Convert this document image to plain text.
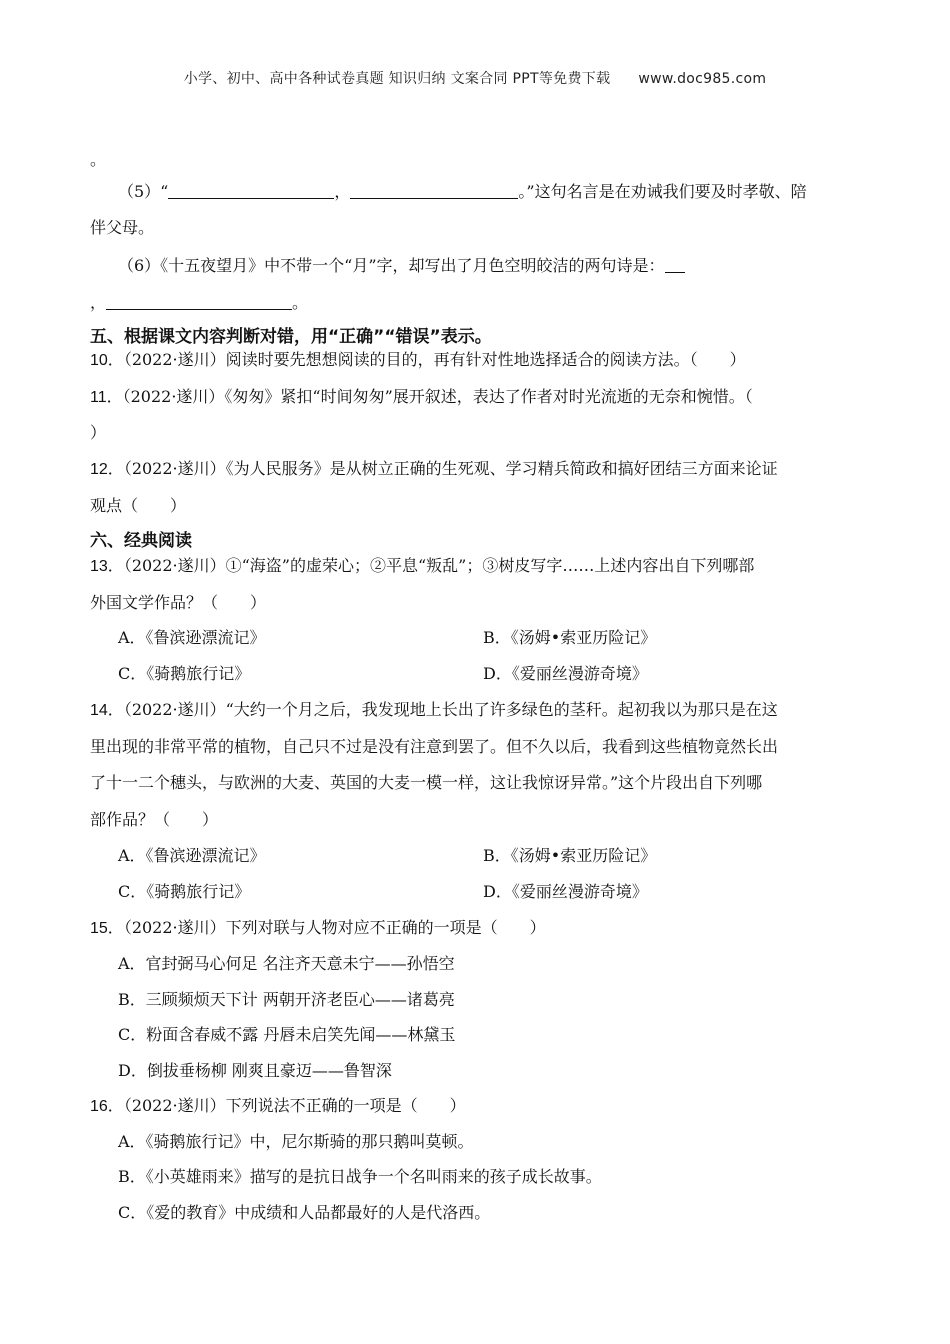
小学、初中、高中各种试卷真题 知识归纳 文案合同 PPT等免费下载 www.doc985.com
。
（5）“	，	。”这句名言是在劝诫我们要及时孝敬、陪
伴父母。
（6）《十五夜望月》中不带一个“月”字，却写出了月色空明皎洁的两句诗是：
，	。
五、根据课文内容判断对错，用“正确”“错误”表示。
10．（2022·遂川）阅读时要先想想阅读的目的，再有针对性地选择适合的阅读方法。（　　）
11．（2022·遂川）《匆匆》紧扣“时间匆匆”展开叙述，表达了作者对时光流逝的无奈和惋惜。（
）
12．（2022·遂川）《为人民服务》是从树立正确的生死观、学习精兵简政和搞好团结三方面来论证
观点（　　）
六、经典阅读
13．（2022·遂川）①“海盗”的虚荣心；②平息“叛乱”；③树皮写字……上述内容出自下列哪部
外国文学作品？（　　）
A．《鲁滨逊漂流记》	B．《汤姆•索亚历险记》
C．《骑鹅旅行记》	D．《爱丽丝漫游奇境》
14．（2022·遂川）“大约一个月之后，我发现地上长出了许多绿色的茎秆。起初我以为那只是在这
里出现的非常平常的植物，自己只不过是没有注意到罢了。但不久以后，我看到这些植物竟然长出
了十一二个穗头，与欧洲的大麦、英国的大麦一模一样，这让我惊讶异常。”这个片段出自下列哪
部作品？（　　）
A．《鲁滨逊漂流记》	B．《汤姆•索亚历险记》
C．《骑鹅旅行记》	D．《爱丽丝漫游奇境》
15．（2022·遂川）下列对联与人物对应不正确的一项是（　　）
A．官封弼马心何足 名注齐天意未宁——孙悟空
B．三顾频烦天下计 两朝开济老臣心——诸葛亮
C．粉面含春威不露 丹唇未启笑先闻——林黛玉
D．倒拔垂杨柳 刚爽且豪迈——鲁智深
16．（2022·遂川）下列说法不正确的一项是（　　）
A．《骑鹅旅行记》中，尼尔斯骑的那只鹅叫莫顿。
B．《小英雄雨来》描写的是抗日战争一个名叫雨来的孩子成长故事。
C．《爱的教育》中成绩和人品都最好的人是代洛西。
